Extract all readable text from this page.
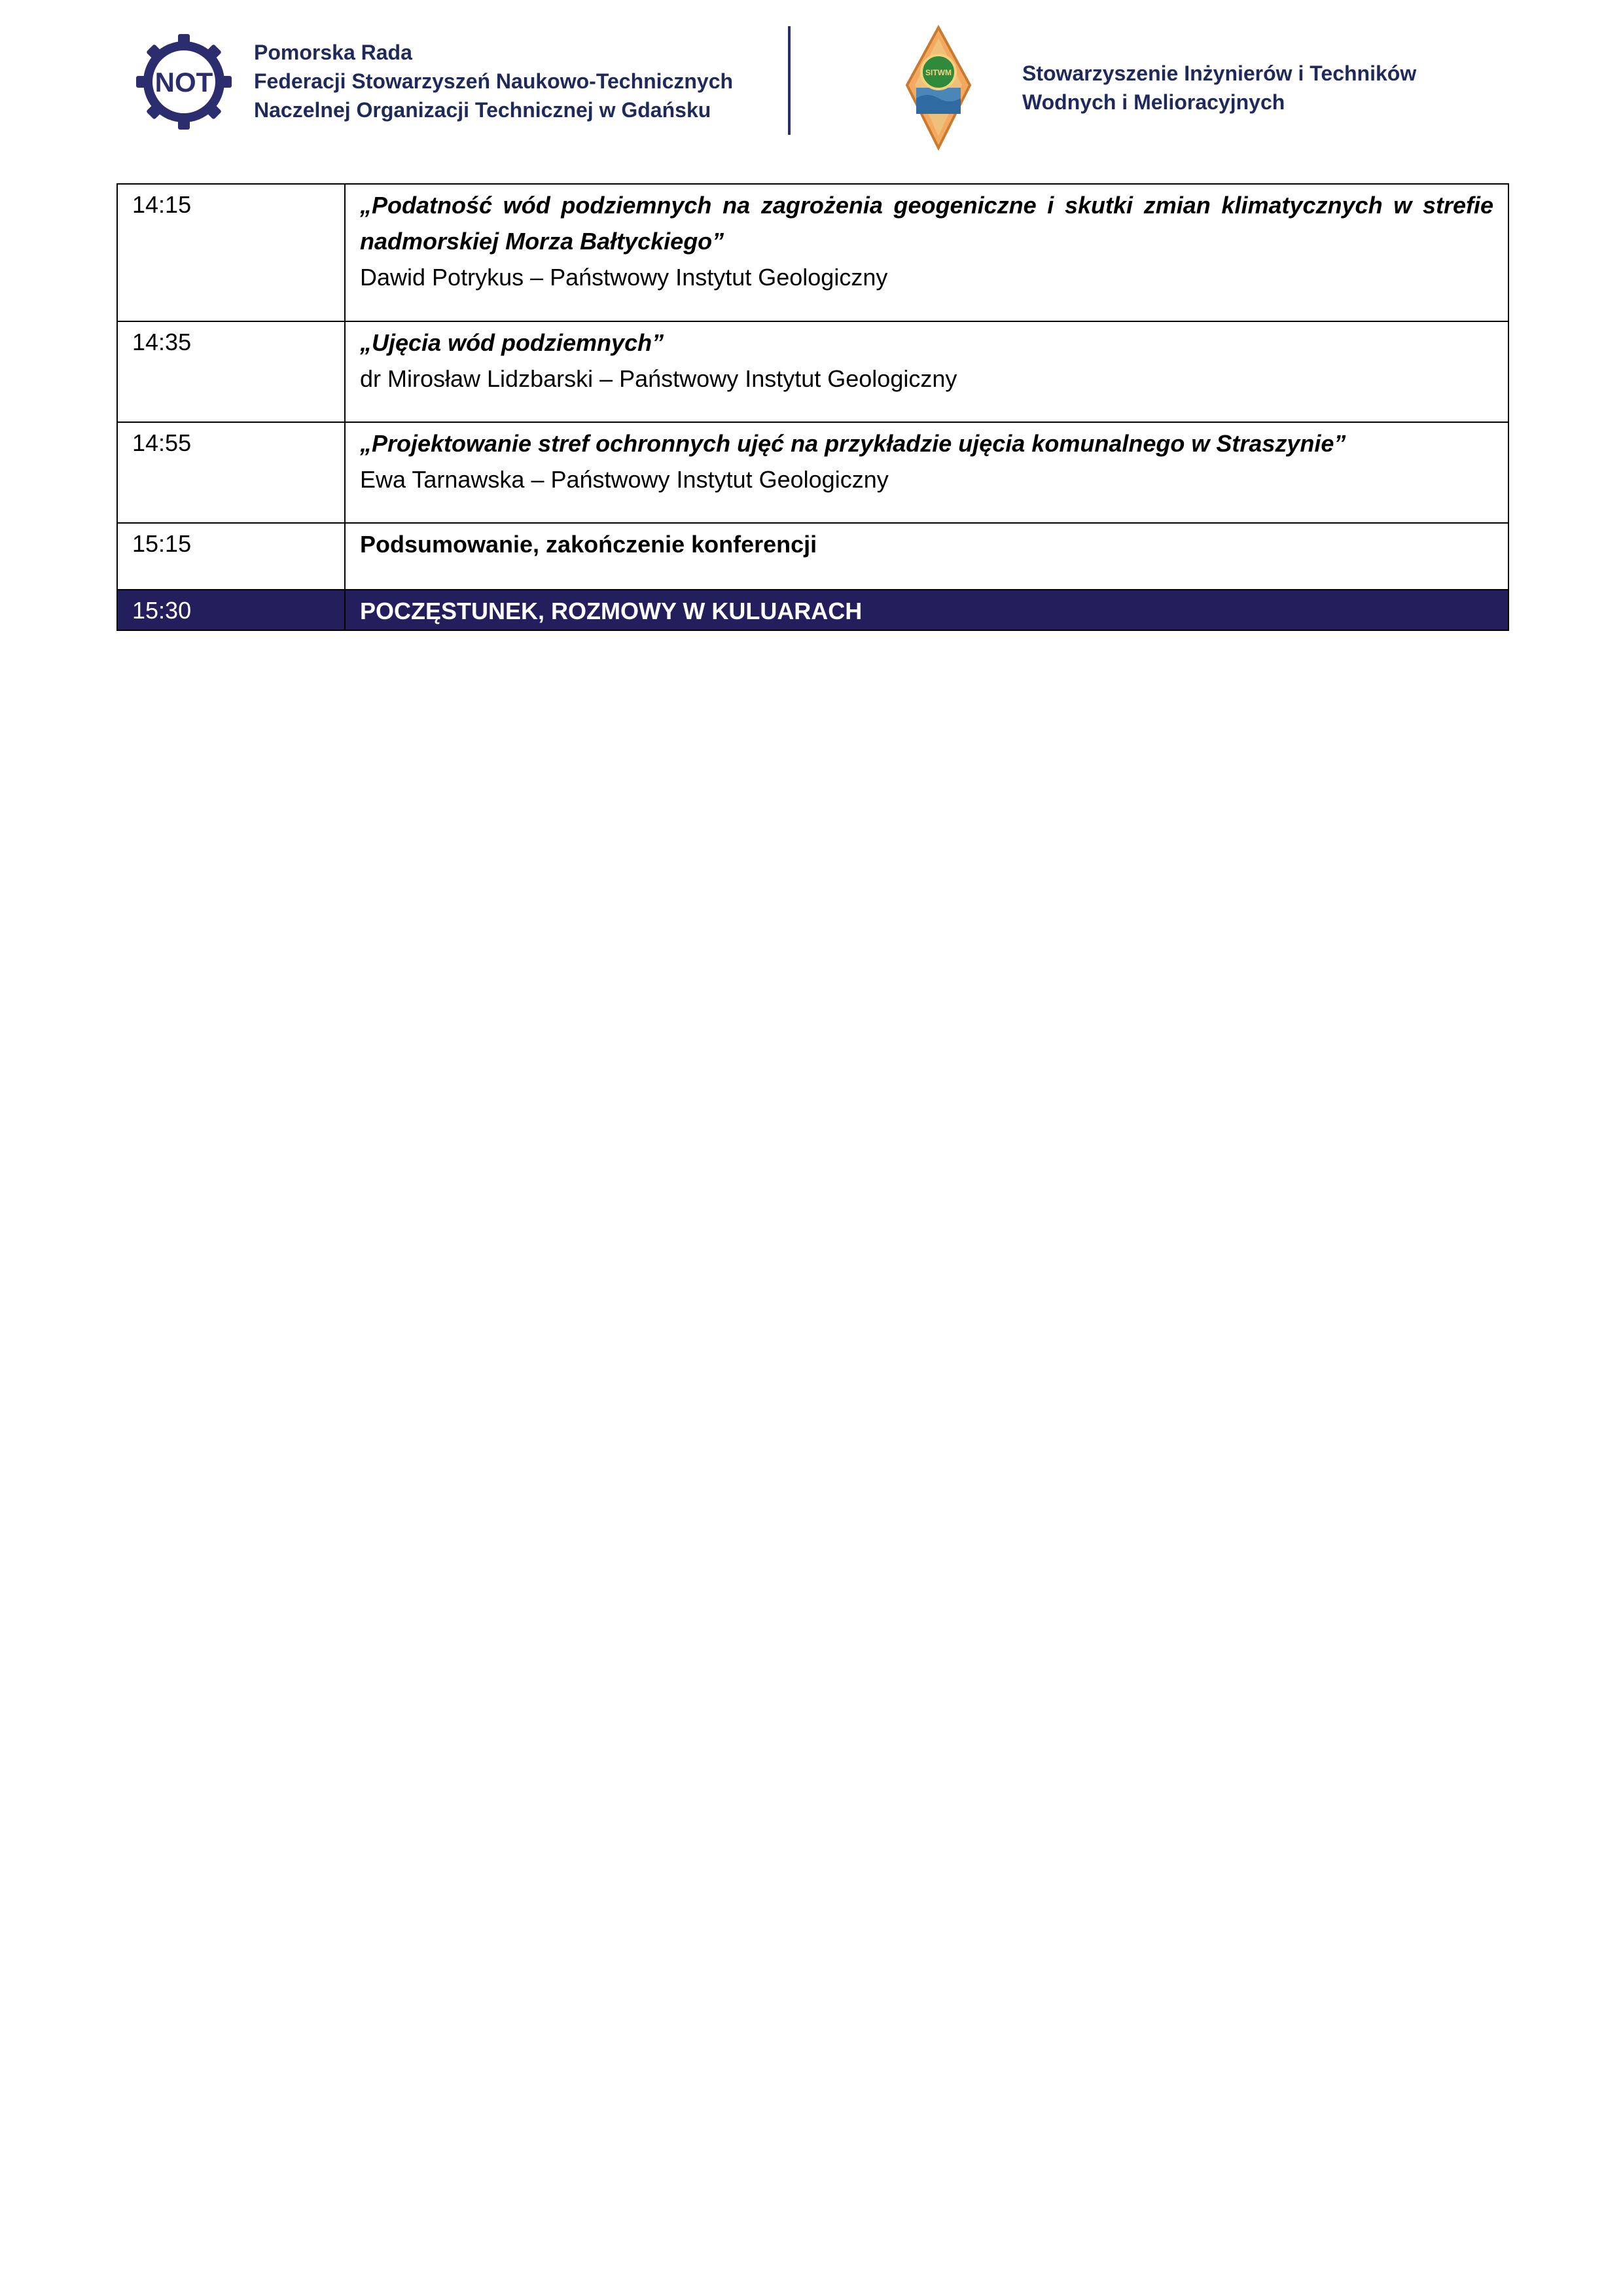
NOT
Pomorska Rada
Federacji Stowarzyszeń Naukowo-Technicznych
Naczelnej Organizacji Technicznej w Gdańsku
SITWM	Stowarzyszenie Inżynierów i Techników
Wodnych i Melioracyjnych
14:15	„Podatność wód podziemnych na zagrożenia geogeniczne i skutki zmian klimatycznych w strefie nadmorskiej Morza Bałtyckiego”
Dawid Potrykus – Państwowy Instytut Geologiczny

14:35	„Ujęcia wód podziemnych”
dr Mirosław Lidzbarski – Państwowy Instytut Geologiczny

14:55	„Projektowanie stref ochronnych ujęć na przykładzie ujęcia komunalnego w Straszynie”
Ewa Tarnawska – Państwowy Instytut Geologiczny

15:15	Podsumowanie, zakończenie konferencji
15:30	POCZĘSTUNEK, ROZMOWY W KULUARACH
